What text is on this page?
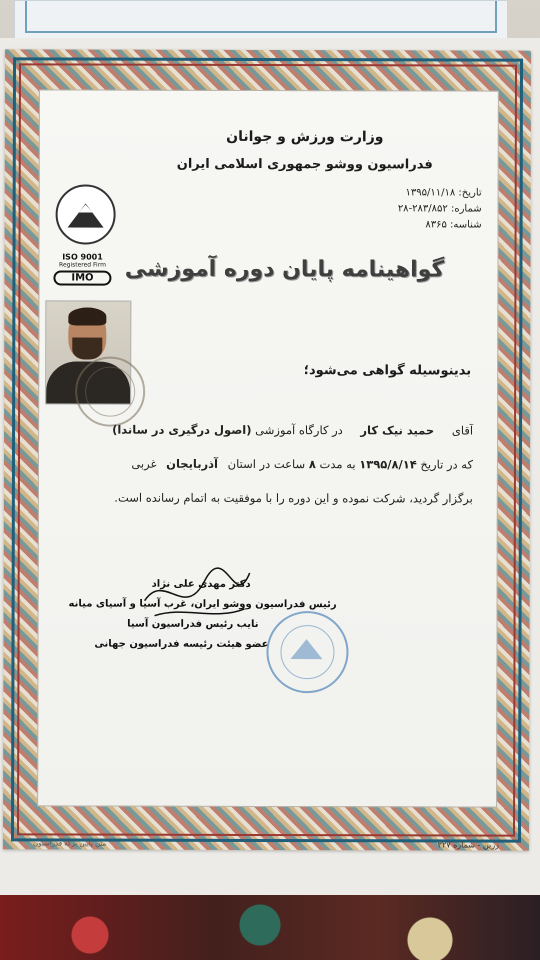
وزارت ورزش و جوانان
فدراسیون ووشو جمهوری اسلامی ایران
تاریخ: ۱۳۹۵/۱۱/۱۸
شماره: ۲۸۳/۸۵۲-۲۸
شناسه: ۸۳۶۵
ISO 9001
Registered Firm
IMO	گواهینامه پایان دوره آموزشی
بدینوسیله گواهی می‌شود؛
آقای حمید نیک کار در کارگاه آموزشی (اصول درگیری در ساندا)
که در تاریخ ۱۳۹۵/۸/۱۴ به مدت ۸ ساعت در استان آذربایجان غربی
برگزار گردید، شرکت نموده و این دوره را با موفقیت به اتمام رسانده است.
دکتر مهدی علی نژاد
رئیس فدراسیون ووشو ایران، غرب آسیا و آسیای میانه
نایب رئیس فدراسیون آسیا
عضو هیئت رئیسه فدراسیون جهانی
زرین - شماره ۲۲۷
متن پایین برگه فدراسیون
